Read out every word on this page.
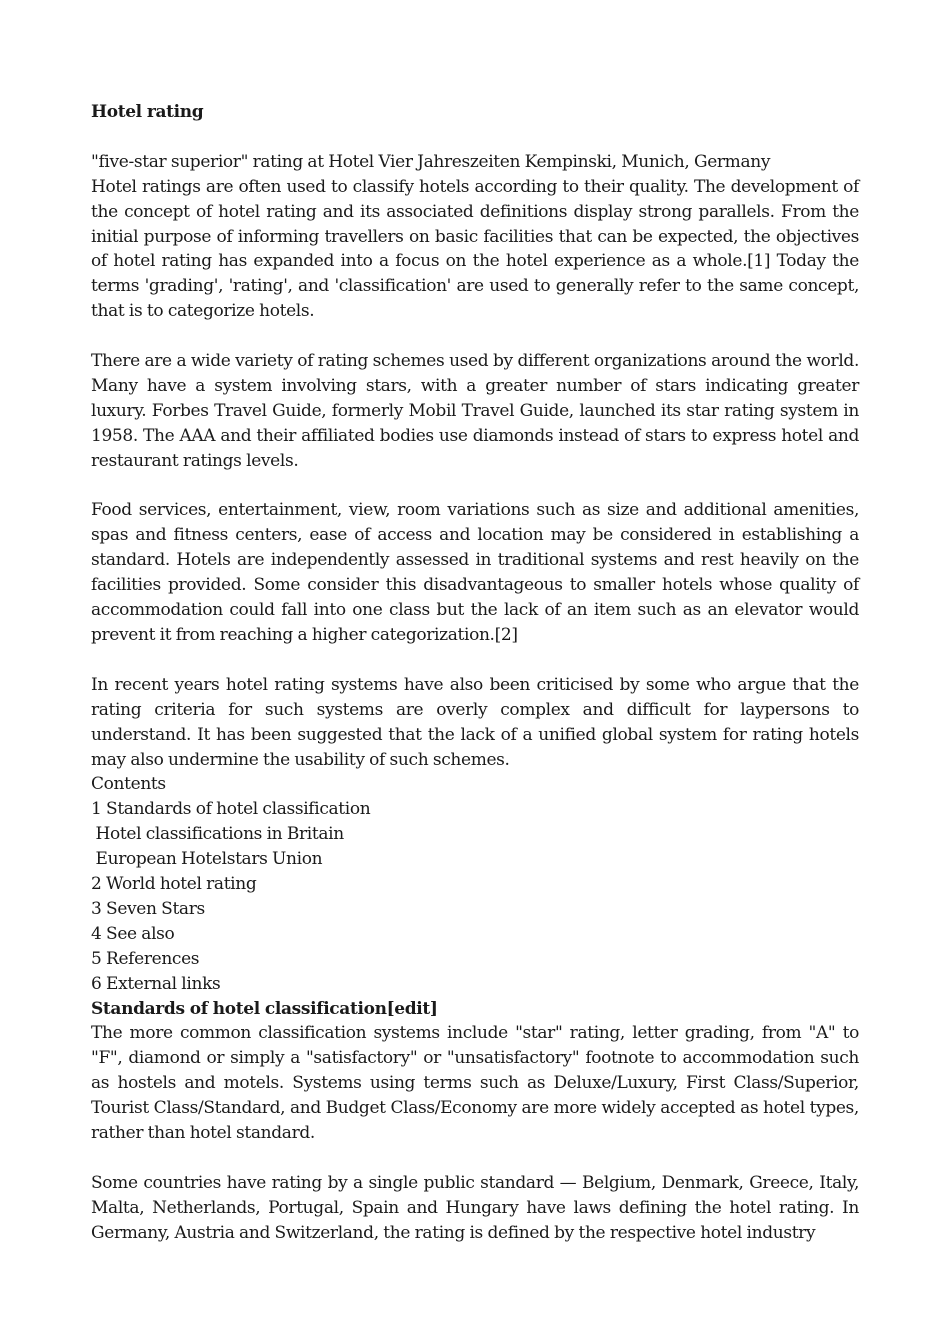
Hotel rating

"five-star superior" rating at Hotel Vier Jahreszeiten Kempinski, Munich, Germany

Hotel ratings are often used to classify hotels according to their quality. The development of the concept of hotel rating and its associated definitions display strong parallels. From the initial purpose of informing travellers on basic facilities that can be expected, the objectives of hotel rating has expanded into a focus on the hotel experience as a whole.[1] Today the terms 'grading', 'rating', and 'classification' are used to generally refer to the same concept, that is to categorize hotels.

There are a wide variety of rating schemes used by different organizations around the world. Many have a system involving stars, with a greater number of stars indicating greater luxury. Forbes Travel Guide, formerly Mobil Travel Guide, launched its star rating system in 1958. The AAA and their affiliated bodies use diamonds instead of stars to express hotel and restaurant ratings levels.

Food services, entertainment, view, room variations such as size and additional amenities, spas and fitness centers, ease of access and location may be considered in establishing a standard. Hotels are independently assessed in traditional systems and rest heavily on the facilities provided. Some consider this disadvantageous to smaller hotels whose quality of accommodation could fall into one class but the lack of an item such as an elevator would prevent it from reaching a higher categorization.[2]

In recent years hotel rating systems have also been criticised by some who argue that the rating criteria for such systems are overly complex and difficult for laypersons to understand. It has been suggested that the lack of a unified global system for rating hotels may also undermine the usability of such schemes.

Contents

1 Standards of hotel classification
Hotel classifications in Britain
European Hotelstars Union
2 World hotel rating
3 Seven Stars
4 See also
5 References
6 External links

Standards of hotel classification[edit]

The more common classification systems include "star" rating, letter grading, from "A" to "F", diamond or simply a "satisfactory" or "unsatisfactory" footnote to accommodation such as hostels and motels. Systems using terms such as Deluxe/Luxury, First Class/Superior, Tourist Class/Standard, and Budget Class/Economy are more widely accepted as hotel types, rather than hotel standard.

Some countries have rating by a single public standard — Belgium, Denmark, Greece, Italy, Malta, Netherlands, Portugal, Spain and Hungary have laws defining the hotel rating. In Germany, Austria and Switzerland, the rating is defined by the respective hotel industry
